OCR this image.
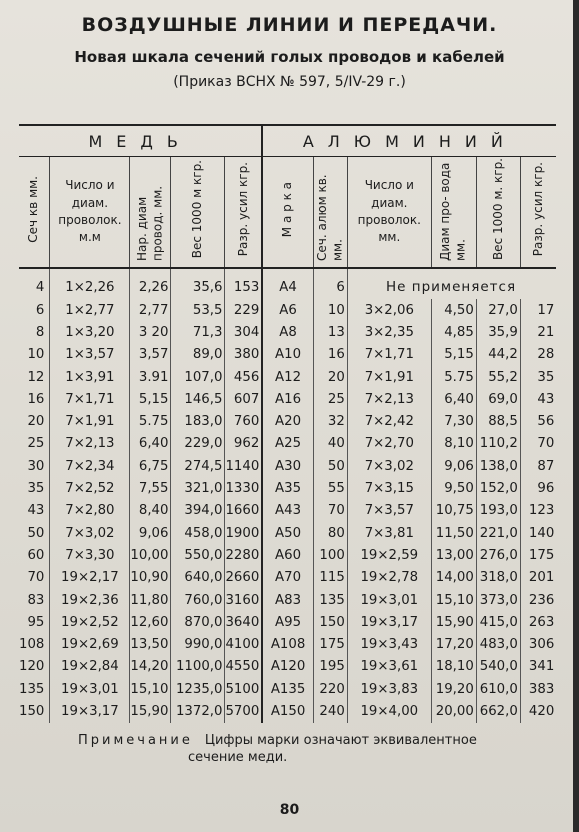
ВОЗДУШНЫЕ ЛИНИИ И ПЕРЕДАЧИ.
Новая шкала сечений голых проводов и кабелей
(Приказ ВСНХ № 597, 5/IV-29 г.)
МЕДЬ					АЛЮМИНИЙ					
Сеч кв мм.	Число и диам. проволок. м.м	Нар. диам провод. мм.	Вес 1000 м кгр.	Разр. усил кгр.	М а р к а	Сеч. алюм кв. мм.	Число и диам. проволок. мм.	Диам про- вода мм.	Вес 1000 м. кгр.	Разр. усил кгр.
4	1×2,26	2,26	35,6	153	А4	6	Не применяется			
6	1×2,77	2,77	53,5	229	А6	10	3×2,06	4,50	27,0	17
8	1×3,20	3 20	71,3	304	А8	13	3×2,35	4,85	35,9	21
10	1×3,57	3,57	89,0	380	А10	16	7×1,71	5,15	44,2	28
12	1×3,91	3.91	107,0	456	А12	20	7×1,91	5.75	55,2	35
16	7×1,71	5,15	146,5	607	А16	25	7×2,13	6,40	69,0	43
20	7×1,91	5.75	183,0	760	А20	32	7×2,42	7,30	88,5	56
25	7×2,13	6,40	229,0	962	А25	40	7×2,70	8,10	110,2	70
30	7×2,34	6,75	274,5	1140	А30	50	7×3,02	9,06	138,0	87
35	7×2,52	7,55	321,0	1330	А35	55	7×3,15	9,50	152,0	96
43	7×2,80	8,40	394,0	1660	А43	70	7×3,57	10,75	193,0	123
50	7×3,02	9,06	458,0	1900	А50	80	7×3,81	11,50	221,0	140
60	7×3,30	10,00	550,0	2280	А60	100	19×2,59	13,00	276,0	175
70	19×2,17	10,90	640,0	2660	А70	115	19×2,78	14,00	318,0	201
83	19×2,36	11,80	760,0	3160	А83	135	19×3,01	15,10	373,0	236
95	19×2,52	12,60	870,0	3640	А95	150	19×3,17	15,90	415,0	263
108	19×2,69	13,50	990,0	4100	А108	175	19×3,43	17,20	483,0	306
120	19×2,84	14,20	1100,0	4550	А120	195	19×3,61	18,10	540,0	341
135	19×3,01	15,10	1235,0	5100	А135	220	19×3,83	19,20	610,0	383
150	19×3,17	15,90	1372,0	5700	А150	240	19×4,00	20,00	662,0	420
Примечание Цифры марки означают эквивалентное
сечение меди.
80
